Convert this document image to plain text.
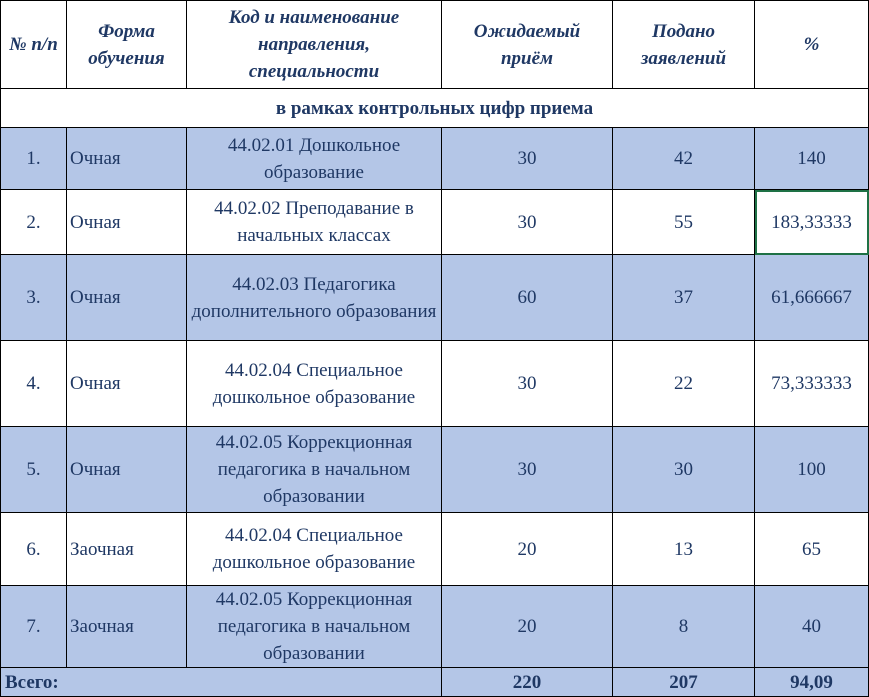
№ п/п	Форма обучения	Код и наименование направления, специальности	Ожидаемый приём	Подано заявлений	%
в рамках контрольных цифр приема					
1.	Очная	44.02.01 Дошкольное образование	30	42	140
2.	Очная	44.02.02 Преподавание в начальных классах	30	55	183,33333
3.	Очная	44.02.03 Педагогика дополнительного образования	60	37	61,666667
4.	Очная	44.02.04 Специальное дошкольное образование	30	22	73,333333
5.	Очная	44.02.05 Коррекционная педагогика в начальном образовании	30	30	100
6.	Заочная	44.02.04 Специальное дошкольное образование	20	13	65
7.	Заочная	44.02.05 Коррекционная педагогика в начальном образовании	20	8	40
Всего:			220	207	94,09
